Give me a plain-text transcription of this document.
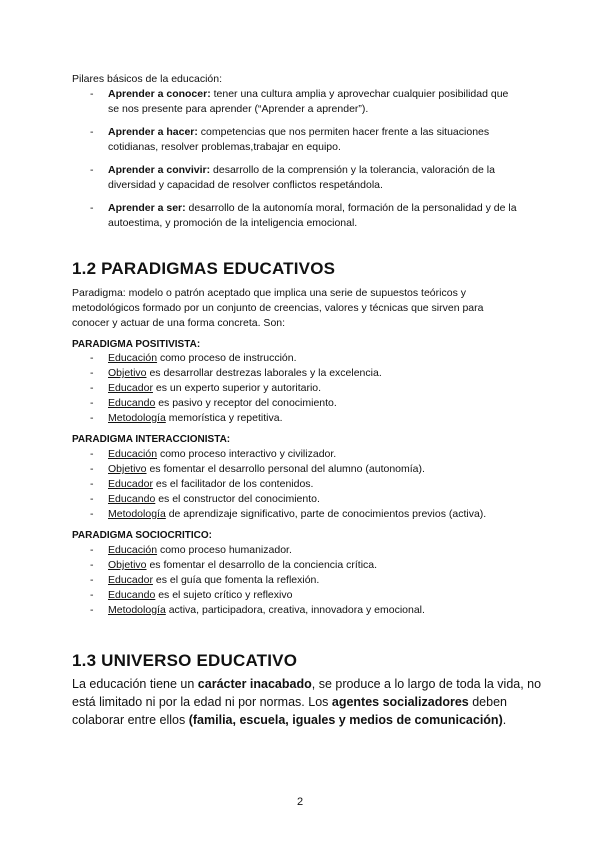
Pilares básicos de la educación:
- Aprender a conocer: tener una cultura amplia y aprovechar cualquier posibilidad que se nos presente para aprender (“Aprender a aprender”).
- Aprender a hacer: competencias que nos permiten hacer frente a las situaciones cotidianas, resolver problemas,trabajar en equipo.
- Aprender a convivir: desarrollo de la comprensión y la tolerancia, valoración de la diversidad y capacidad de resolver conflictos respetándola.
- Aprender a ser: desarrollo de la autonomía moral, formación de la personalidad y de la autoestima, y promoción de la inteligencia emocional.
1.2 PARADIGMAS EDUCATIVOS

Paradigma: modelo o patrón aceptado que implica una serie de supuestos teóricos y metodológicos formado por un conjunto de creencias, valores y técnicas que sirven para conocer y actuar de una forma concreta. Son:

PARADIGMA POSITIVISTA:
- Educación como proceso de instrucción.
- Objetivo es desarrollar destrezas laborales y la excelencia.
- Educador es un experto superior y autoritario.
- Educando es pasivo y receptor del conocimiento.
- Metodología memorística y repetitiva.
PARADIGMA INTERACCIONISTA:
- Educación como proceso interactivo y civilizador.
- Objetivo es fomentar el desarrollo personal del alumno (autonomía).
- Educador es el facilitador de los contenidos.
- Educando es el constructor del conocimiento.
- Metodología de aprendizaje significativo, parte de conocimientos previos (activa).
PARADIGMA SOCIOCRITICO:
- Educación como proceso humanizador.
- Objetivo es fomentar el desarrollo de la conciencia crítica.
- Educador es el guía que fomenta la reflexión.
- Educando es el sujeto crítico y reflexivo
- Metodología activa, participadora, creativa, innovadora y emocional.
1.3 UNIVERSO EDUCATIVO

La educación tiene un carácter inacabado, se produce a lo largo de toda la vida, no está limitado ni por la edad ni por normas. Los agentes socializadores deben colaborar entre ellos (familia, escuela, iguales y medios de comunicación).

2
